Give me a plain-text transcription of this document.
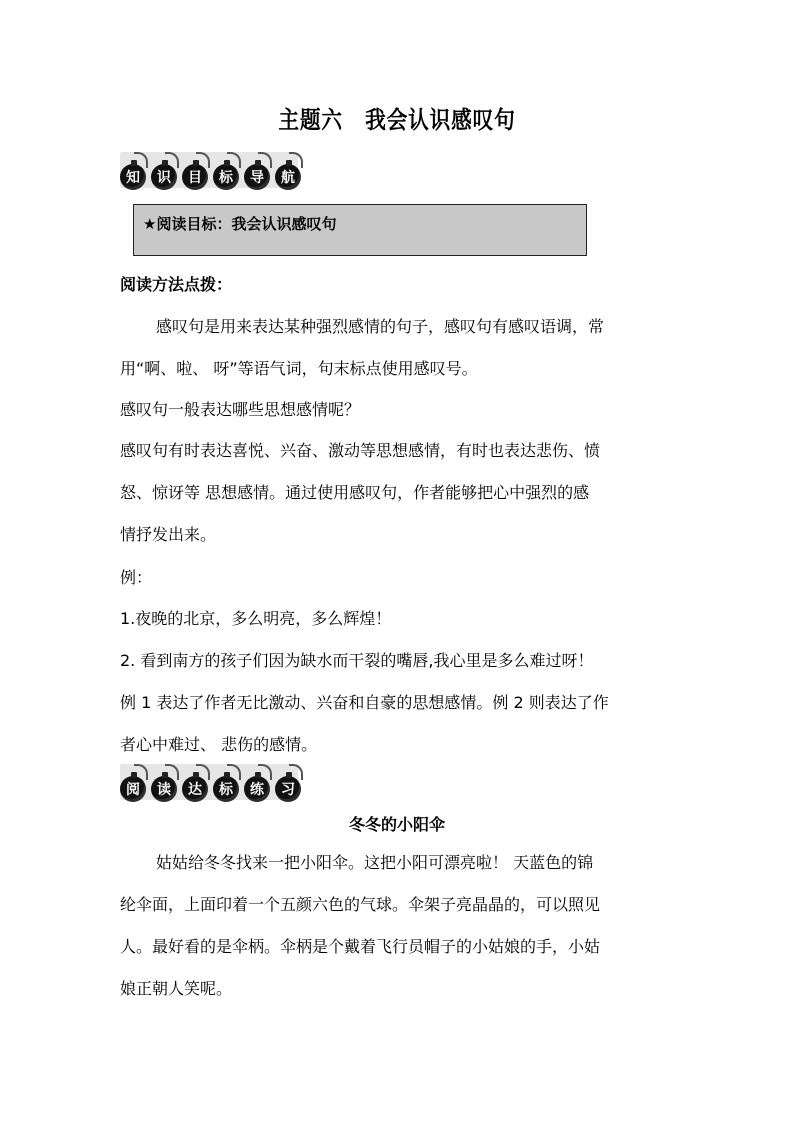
主题六 我会认识感叹句
知	识	目	标	导	航
★阅读目标：我会认识感叹句
阅读方法点拨：
感叹句是用来表达某种强烈感情的句子，感叹句有感叹语调，常
用“啊、啦、 呀”等语气词，句末标点使用感叹号。
感叹句一般表达哪些思想感情呢？
感叹句有时表达喜悦、兴奋、激动等思想感情，有时也表达悲伤、愤
怒、惊讶等 思想感情。通过使用感叹句，作者能够把心中强烈的感
情抒发出来。
例：
1.夜晚的北京，多么明亮，多么辉煌！
2. 看到南方的孩子们因为缺水而干裂的嘴唇,我心里是多么难过呀！
例 1 表达了作者无比激动、兴奋和自豪的思想感情。例 2 则表达了作
者心中难过、 悲伤的感情。
阅	读	达	标	练	习
冬冬的小阳伞
姑姑给冬冬找来一把小阳伞。这把小阳可漂亮啦！ 天蓝色的锦
纶伞面，上面印着一个五颜六色的气球。伞架子亮晶晶的，可以照见
人。最好看的是伞柄。伞柄是个戴着飞行员帽子的小姑娘的手，小姑
娘正朝人笑呢。
